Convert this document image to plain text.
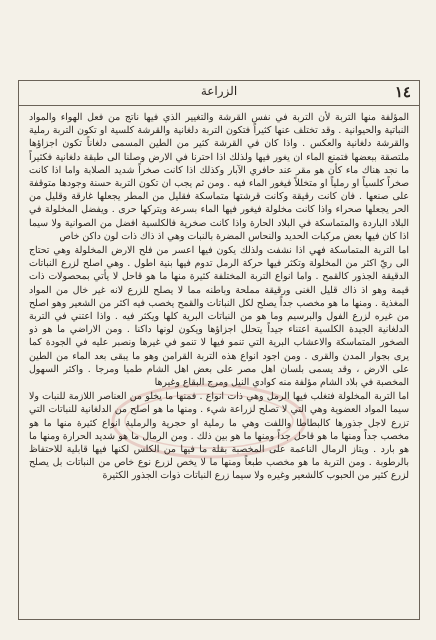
١٤
الزراعة

المؤلفة منها التربة لأن التربة في نفس القرشة والتغيير الذي فيها ناتج من فعل الهواء والمواد النباتية والحيوانية . وقد تختلف عنها كثيراً فتكون التربة دلغانية والقرشة كلسية او تكون التربة رملية والقرشة دلغانية والعكس . واذا كان في القرشة كثير من الطين المسمى دلغاناً تكون اجزاؤها ملتصقة ببعضها فتمنع الماء ان يغور فيها ولذلك اذا احترنا في الارض وصلنا الى طبقة دلغانية فكثيراً ما نجد هناك ماء كأن هو مقر عند حافري الآبار وكذلك اذا كانت صخراً شديد الصلابة واما اذا كانت صخراً كلسياً او رملياً او متخللاً فيغور الماء فيه . ومن ثم يجب ان تكون التربة حسنة وجودها متوقفة على صنعها . فان كانت رقيقة وكانت قرشتها متماسكة فقليل من المطر يجعلها غارقة وقليل من الحر يجعلها صحراء واذا كانت مخلولة فيغور فيها الماء بسرعة ويتركها حرى . ويفضل المخلولة في البلاد الباردة والمتماسكة في البلاد الحارة واذا كانت صخرية فالكلسية افضل من الصوانية ولا سيما اذا كان فيها بعض مركبات الحديد والنحاس المضرة بالنبات وهي اذ ذاك ذات لون داكن خاص

اما التربة المتماسكة فهي اذا نشفت ولذلك يكون فيها اعسر من فلح الارض المخلولة وهي تحتاج الى ريّ اكثر من المخلولة وتكثر فيها حركة الرمل تدوم فيها بنية اطول . وهي اصلح لزرع النباتات الدقيقة الجذور كالقمح . واما انواع التربة المختلفة كثيرة منها ما هو قاحل لا يأتي بمحصولات ذات قيمة وهو اذ ذاك قليل الغنى ورقيقة مملحة وباطنه مما لا يصلح للزرع لانه غير خال من المواد المغذية . ومنها ما هو مخصب جداً يصلح لكل النباتات والقمح يخصب فيه اكثر من الشعير وهو اصلح من غيره لزرع الفول والبرسيم وما هو من النباتات البرية كلها ويكثر فيه . واذا اعتني في التربة الدلغانية الجيدة الكلسية اعتناء جيداً يتحلل اجزاؤها ويكون لونها داكنا . ومن الاراضي ما هو ذو الصخور المتماسكة والاعشاب البرية التي تنمو فيها لا تنمو في غيرها ونصبر عليه في الجودة كما يرى بجوار المدن والقرى . ومن اجود انواع هذه التربة القرامن وهو ما يبقى بعد الماء من الطين على الارض ، وقد يسمى بلسان اهل مصر على بعض اهل الشام طميا ومرجا . واكثر السهول المخصبة في بلاد الشام مؤلفة منه كوادي النيل ومرج البقاع وغيرها

اما التربة المخلولة فتغلب فيها الرمل وهي ذات انواع . فمنها ما يخلو من العناصر اللازمة للنبات ولا سيما المواد العضوية وهي التي لا تصلح لزراعة شيء . ومنها ما هو اصلح من الدلغانية للنباتات التي تزرع لاجل جذورها كالبطاطا واللفت وهي ما رملية او حجرية والرملية انواع كثيرة منها ما هو مخصب جداً ومنها ما هو قاحل جداً ومنها ما هو بين ذلك . ومن الرمال ما هو شديد الحرارة ومنها ما هو بارد . ويتاز الرمال الناعمة على المخصبة بقلة ما فيها من الكلس لكنها فيها قابلية للاحتفاظ بالرطوبة . ومن التربة ما هو مخصب طبعاً ومنها ما لا يخص لزرع نوع خاص من النباتات بل يصلح لزرع كثير من الحبوب كالشعير وغيره ولا سيما زرع النباتات ذوات الجذور الكثيرة
